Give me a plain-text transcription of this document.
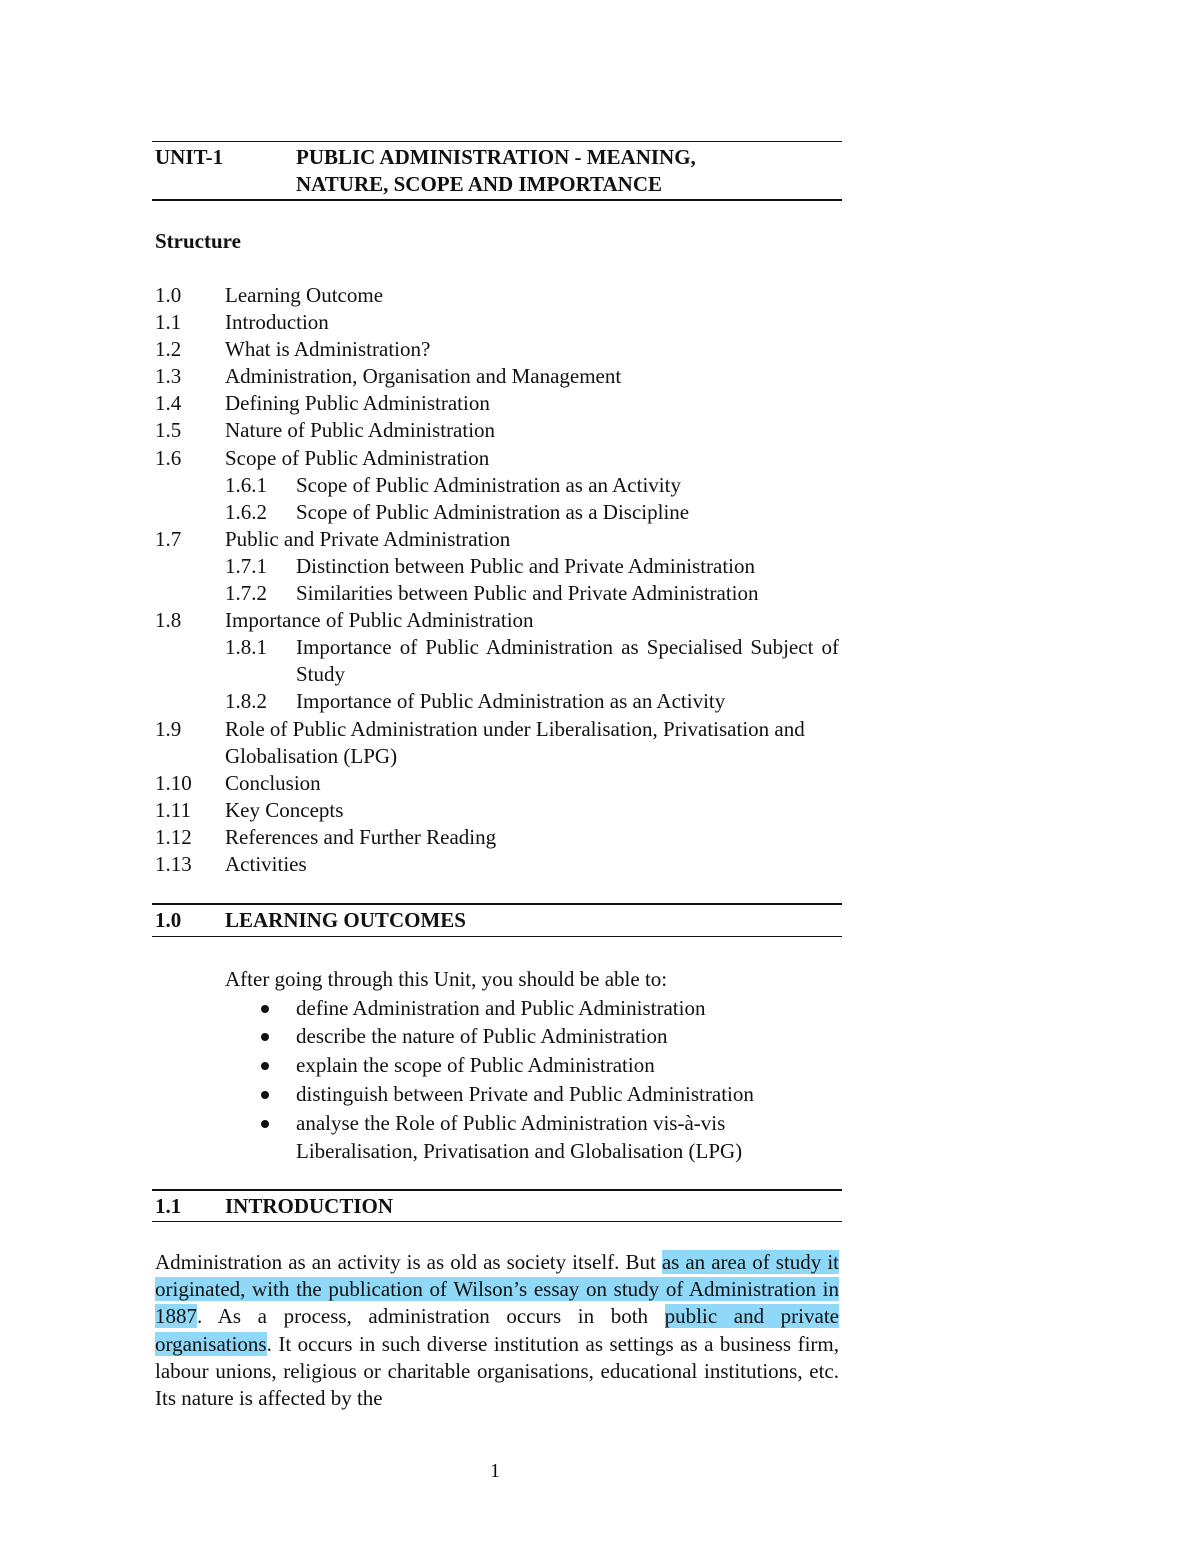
UNIT-1	PUBLIC ADMINISTRATION - MEANING,
NATURE, SCOPE AND IMPORTANCE
Structure
1.0 Learning Outcome
1.1 Introduction
1.2 What is Administration?
1.3 Administration, Organisation and Management
1.4 Defining Public Administration
1.5 Nature of Public Administration
1.6 Scope of Public Administration
1.6.1 Scope of Public Administration as an Activity
1.6.2 Scope of Public Administration as a Discipline
1.7 Public and Private Administration
1.7.1 Distinction between Public and Private Administration
1.7.2 Similarities between Public and Private Administration
1.8 Importance of Public Administration
1.8.1 Importance of Public Administration as Specialised Subject of Study
1.8.2 Importance of Public Administration as an Activity
1.9 Role of Public Administration under Liberalisation, Privatisation and Globalisation (LPG)
1.10 Conclusion
1.11 Key Concepts
1.12 References and Further Reading
1.13 Activities
1.0 LEARNING OUTCOMES
After going through this Unit, you should be able to:
define Administration and Public Administration
describe the nature of Public Administration
explain the scope of Public Administration
distinguish between Private and Public Administration
analyse the Role of Public Administration vis-à-vis Liberalisation, Privatisation and Globalisation (LPG)
1.1 INTRODUCTION
Administration as an activity is as old as society itself. But as an area of study it originated, with the publication of Wilson’s essay on study of Administration in 1887. As a process, administration occurs in both public and private organisations. It occurs in such diverse institution as settings as a business firm, labour unions, religious or charitable organisations, educational institutions, etc. Its nature is affected by the
1
